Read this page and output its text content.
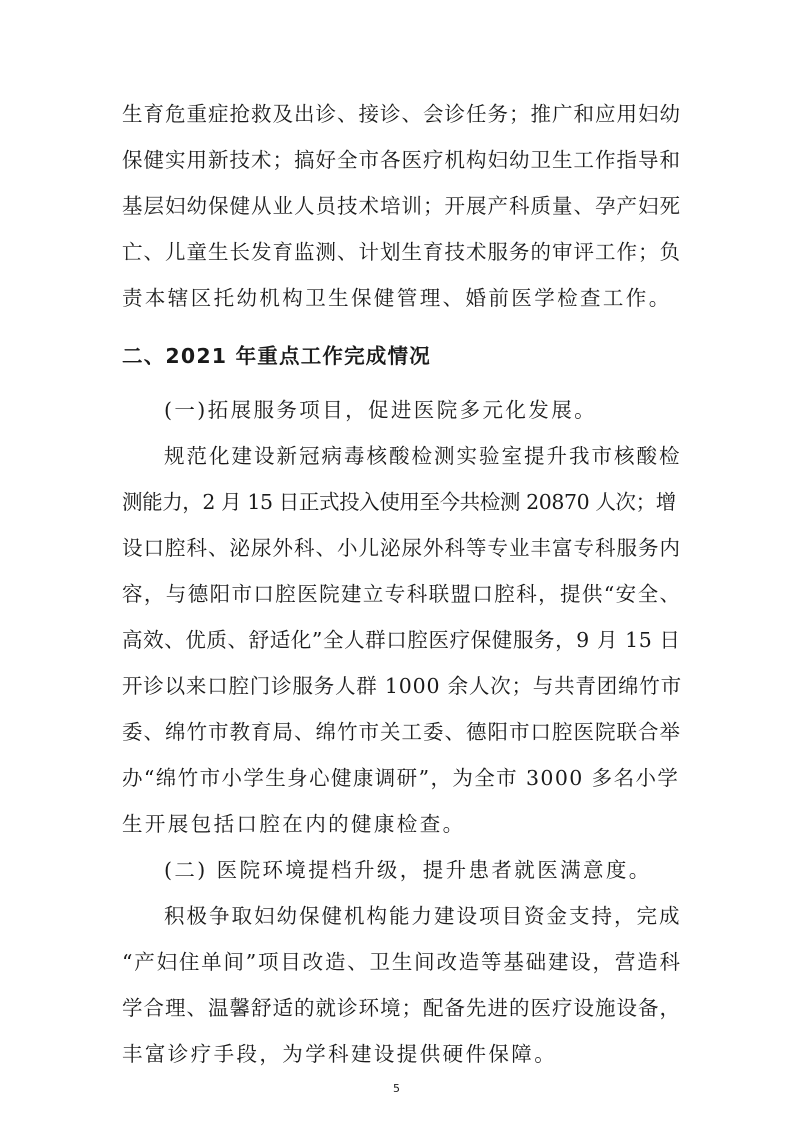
生育危重症抢救及出诊、接诊、会诊任务；推广和应用妇幼
保健实用新技术；搞好全市各医疗机构妇幼卫生工作指导和
基层妇幼保健从业人员技术培训；开展产科质量、孕产妇死
亡、儿童生长发育监测、计划生育技术服务的审评工作；负
责本辖区托幼机构卫生保健管理、婚前医学检查工作。
二、2021 年重点工作完成情况
(一)拓展服务项目，促进医院多元化发展。
规范化建设新冠病毒核酸检测实验室提升我市核酸检
测能力，2 月 15 日正式投入使用至今共检测 20870 人次；增
设口腔科、泌尿外科、小儿泌尿外科等专业丰富专科服务内
容，与德阳市口腔医院建立专科联盟口腔科，提供“安全、
高效、优质、舒适化”全人群口腔医疗保健服务，9 月 15 日
开诊以来口腔门诊服务人群 1000 余人次；与共青团绵竹市
委、绵竹市教育局、绵竹市关工委、德阳市口腔医院联合举
办“绵竹市小学生身心健康调研”，为全市 3000 多名小学
生开展包括口腔在内的健康检查。
(二) 医院环境提档升级，提升患者就医满意度。
积极争取妇幼保健机构能力建设项目资金支持，完成
“产妇住单间”项目改造、卫生间改造等基础建设，营造科
学合理、温馨舒适的就诊环境；配备先进的医疗设施设备，
丰富诊疗手段，为学科建设提供硬件保障。
5
